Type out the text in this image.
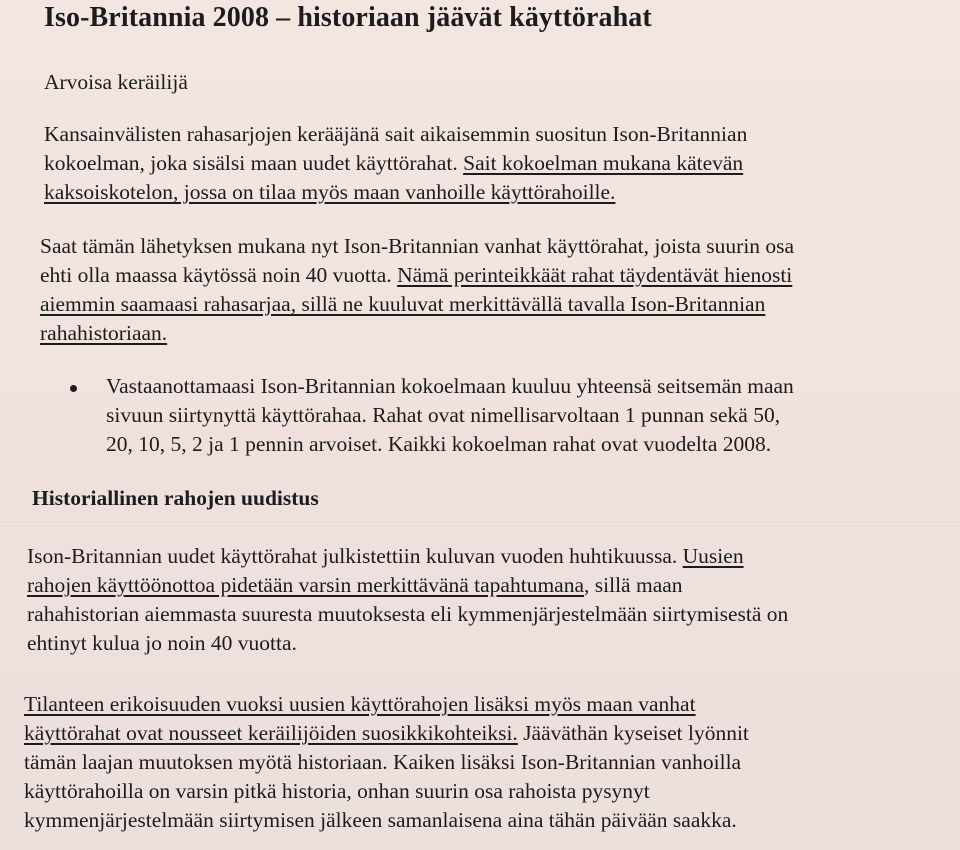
Iso-Britannia 2008 – historiaan jäävät käyttörahat

Arvoisa keräilijä

Kansainvälisten rahasarjojen kerääjänä sait aikaisemmin suositun Ison-Britannian
kokoelman, joka sisälsi maan uudet käyttörahat. Sait kokoelman mukana kätevän
kaksoiskotelon, jossa on tilaa myös maan vanhoille käyttörahoille.

Saat tämän lähetyksen mukana nyt Ison-Britannian vanhat käyttörahat, joista suurin osa
ehti olla maassa käytössä noin 40 vuotta. Nämä perinteikkäät rahat täydentävät hienosti
aiemmin saamaasi rahasarjaa, sillä ne kuuluvat merkittävällä tavalla Ison-Britannian
rahahistoriaan.

Vastaanottamaasi Ison-Britannian kokoelmaan kuuluu yhteensä seitsemän maan
sivuun siirtynyttä käyttörahaa. Rahat ovat nimellisarvoltaan 1 punnan sekä 50,
20, 10, 5, 2 ja 1 pennin arvoiset. Kaikki kokoelman rahat ovat vuodelta 2008.

Historiallinen rahojen uudistus

Ison-Britannian uudet käyttörahat julkistettiin kuluvan vuoden huhtikuussa. Uusien
rahojen käyttöönottoa pidetään varsin merkittävänä tapahtumana, sillä maan
rahahistorian aiemmasta suuresta muutoksesta eli kymmenjärjestelmään siirtymisestä on
ehtinyt kulua jo noin 40 vuotta.

Tilanteen erikoisuuden vuoksi uusien käyttörahojen lisäksi myös maan vanhat
käyttörahat ovat nousseet keräilijöiden suosikkikohteiksi. Jääväthän kyseiset lyönnit
tämän laajan muutoksen myötä historiaan. Kaiken lisäksi Ison-Britannian vanhoilla
käyttörahoilla on varsin pitkä historia, onhan suurin osa rahoista pysynyt
kymmenjärjestelmään siirtymisen jälkeen samanlaisena aina tähän päivään saakka.
